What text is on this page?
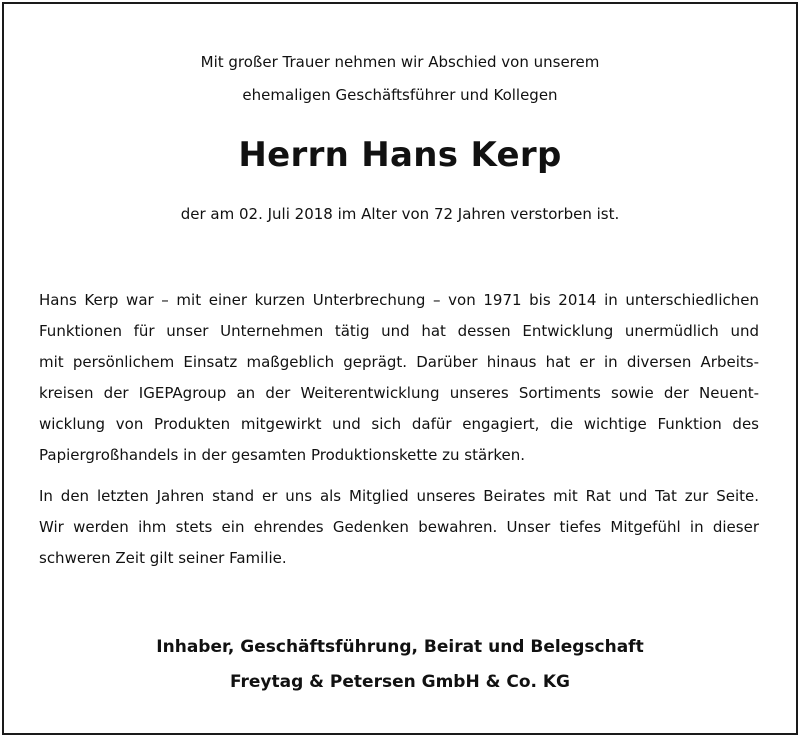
Mit großer Trauer nehmen wir Abschied von unserem
ehemaligen Geschäftsführer und Kollegen
Herrn Hans Kerp
der am 02. Juli 2018 im Alter von 72 Jahren verstorben ist.

Hans Kerp war – mit einer kurzen Unterbrechung – von 1971 bis 2014 in unterschiedlichen
Funktionen für unser Unternehmen tätig und hat dessen Entwicklung unermüdlich und
mit persönlichem Einsatz maßgeblich geprägt. Darüber hinaus hat er in diversen Arbeits-
kreisen der IGEPAgroup an der Weiterentwicklung unseres Sortiments sowie der Neuent-
wicklung von Produkten mitgewirkt und sich dafür engagiert, die wichtige Funktion des
Papiergroßhandels in der gesamten Produktionskette zu stärken.

In den letzten Jahren stand er uns als Mitglied unseres Beirates mit Rat und Tat zur Seite.
Wir werden ihm stets ein ehrendes Gedenken bewahren. Unser tiefes Mitgefühl in dieser
schweren Zeit gilt seiner Familie.

Inhaber, Geschäftsführung, Beirat und Belegschaft
Freytag & Petersen GmbH & Co. KG
